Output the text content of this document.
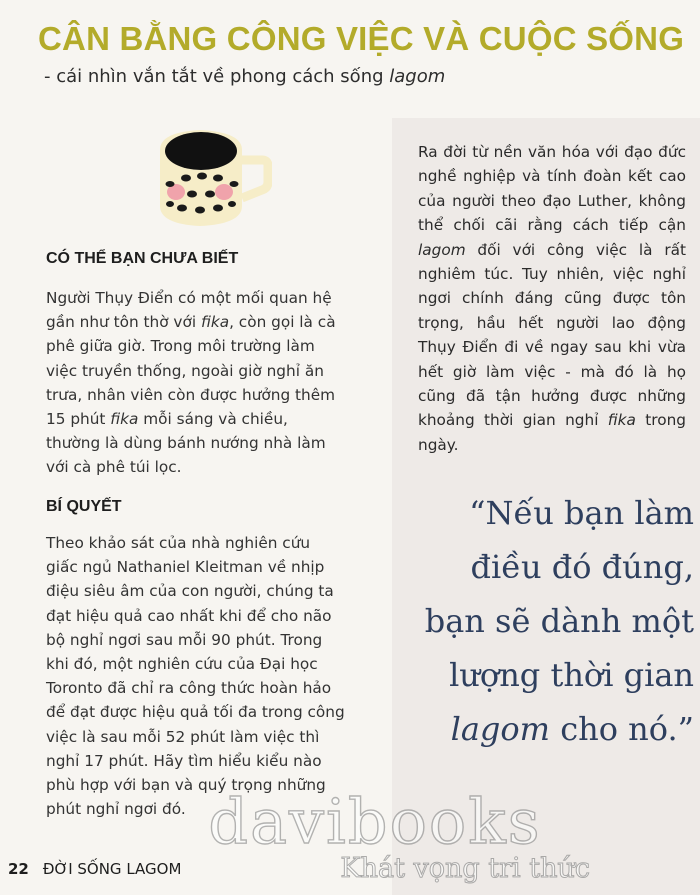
CÂN BẰNG CÔNG VIỆC VÀ CUỘC SỐNG

- cái nhìn vắn tắt về phong cách sống lagom

CÓ THỂ BẠN CHƯA BIẾT

Người Thụy Điển có một mối quan hệ gần như tôn thờ với fika, còn gọi là cà phê giữa giờ. Trong môi trường làm việc truyền thống, ngoài giờ nghỉ ăn trưa, nhân viên còn được hưởng thêm 15 phút fika mỗi sáng và chiều, thường là dùng bánh nướng nhà làm với cà phê túi lọc.

BÍ QUYẾT

Theo khảo sát của nhà nghiên cứu giấc ngủ Nathaniel Kleitman về nhịp điệu siêu âm của con người, chúng ta đạt hiệu quả cao nhất khi để cho não bộ nghỉ ngơi sau mỗi 90 phút. Trong khi đó, một nghiên cứu của Đại học Toronto đã chỉ ra công thức hoàn hảo để đạt được hiệu quả tối đa trong công việc là sau mỗi 52 phút làm việc thì nghỉ 17 phút. Hãy tìm hiểu kiểu nào phù hợp với bạn và quý trọng những phút nghỉ ngơi đó.

Ra đời từ nền văn hóa với đạo đức nghề nghiệp và tính đoàn kết cao của người theo đạo Luther, không thể chối cãi rằng cách tiếp cận lagom đối với công việc là rất nghiêm túc. Tuy nhiên, việc nghỉ ngơi chính đáng cũng được tôn trọng, hầu hết người lao động Thụy Điển đi về ngay sau khi vừa hết giờ làm việc - mà đó là họ cũng đã tận hưởng được những khoảng thời gian nghỉ fika trong ngày.

“Nếu bạn làm điều đó đúng, bạn sẽ dành một lượng thời gian lagom cho nó.”

davibooks
Khát vọng tri thức

22 ĐỜI SỐNG LAGOM
